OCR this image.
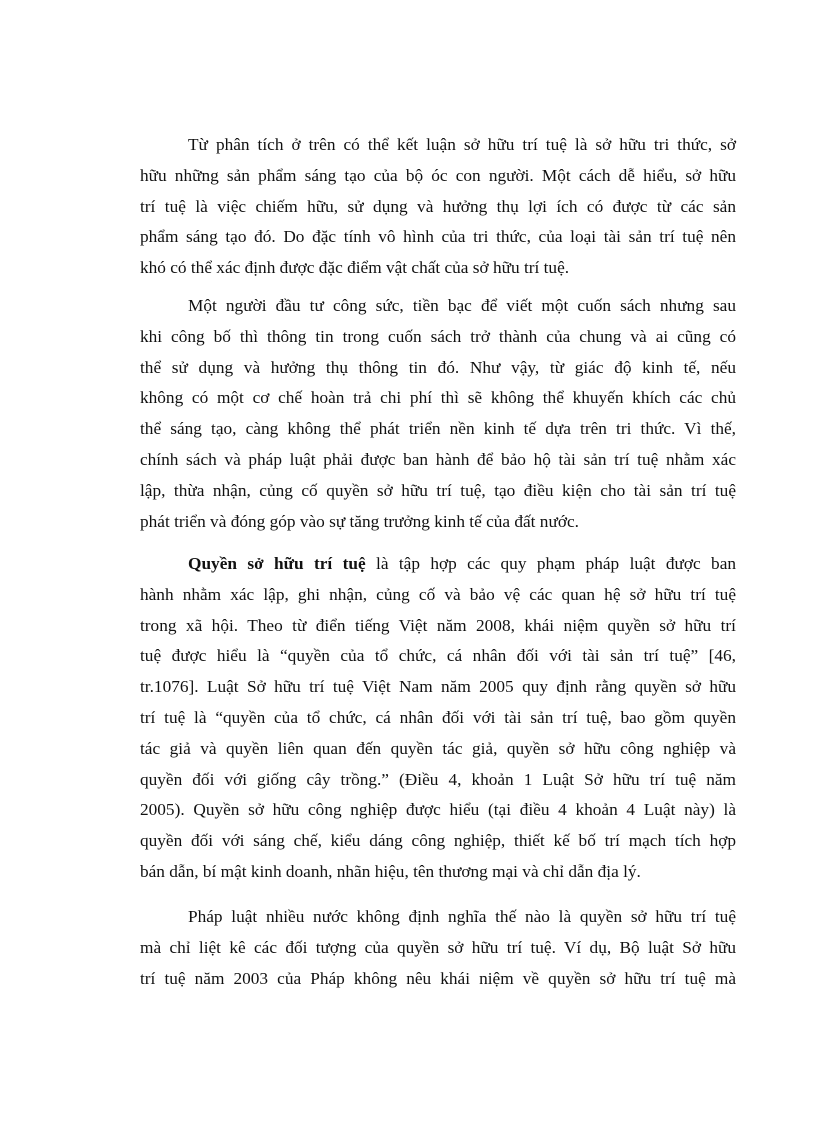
Từ phân tích ở trên có thể kết luận sở hữu trí tuệ là sở hữu tri thức, sở
hữu những sản phẩm sáng tạo của bộ óc con người. Một cách dễ hiểu, sở hữu
trí tuệ là việc chiếm hữu, sử dụng và hưởng thụ lợi ích có được từ các sản
phẩm sáng tạo đó. Do đặc tính vô hình của tri thức, của loại tài sản trí tuệ nên
khó có thể xác định được đặc điểm vật chất của sở hữu trí tuệ.
Một người đầu tư công sức, tiền bạc để viết một cuốn sách nhưng sau
khi công bố thì thông tin trong cuốn sách trở thành của chung và ai cũng có
thể sử dụng và hưởng thụ thông tin đó. Như vậy, từ giác độ kinh tế, nếu
không có một cơ chế hoàn trả chi phí thì sẽ không thể khuyến khích các chủ
thể sáng tạo, càng không thể phát triển nền kinh tế dựa trên tri thức. Vì thế,
chính sách và pháp luật phải được ban hành để bảo hộ tài sản trí tuệ nhằm xác
lập, thừa nhận, củng cố quyền sở hữu trí tuệ, tạo điều kiện cho tài sản trí tuệ
phát triển và đóng góp vào sự tăng trưởng kinh tế của đất nước.
Quyền sở hữu trí tuệ là tập hợp các quy phạm pháp luật được ban
hành nhằm xác lập, ghi nhận, củng cố và bảo vệ các quan hệ sở hữu trí tuệ
trong xã hội. Theo từ điển tiếng Việt năm 2008, khái niệm quyền sở hữu trí
tuệ được hiểu là “quyền của tổ chức, cá nhân đối với tài sản trí tuệ” [46,
tr.1076]. Luật Sở hữu trí tuệ Việt Nam năm 2005 quy định rằng quyền sở hữu
trí tuệ là “quyền của tổ chức, cá nhân đối với tài sản trí tuệ, bao gồm quyền
tác giả và quyền liên quan đến quyền tác giả, quyền sở hữu công nghiệp và
quyền đối với giống cây trồng.” (Điều 4, khoản 1 Luật Sở hữu trí tuệ năm
2005). Quyền sở hữu công nghiệp được hiểu (tại điều 4 khoản 4 Luật này) là
quyền đối với sáng chế, kiểu dáng công nghiệp, thiết kế bố trí mạch tích hợp
bán dẫn, bí mật kinh doanh, nhãn hiệu, tên thương mại và chỉ dẫn địa lý.
Pháp luật nhiều nước không định nghĩa thế nào là quyền sở hữu trí tuệ
mà chỉ liệt kê các đối tượng của quyền sở hữu trí tuệ. Ví dụ, Bộ luật Sở hữu
trí tuệ năm 2003 của Pháp không nêu khái niệm về quyền sở hữu trí tuệ mà
